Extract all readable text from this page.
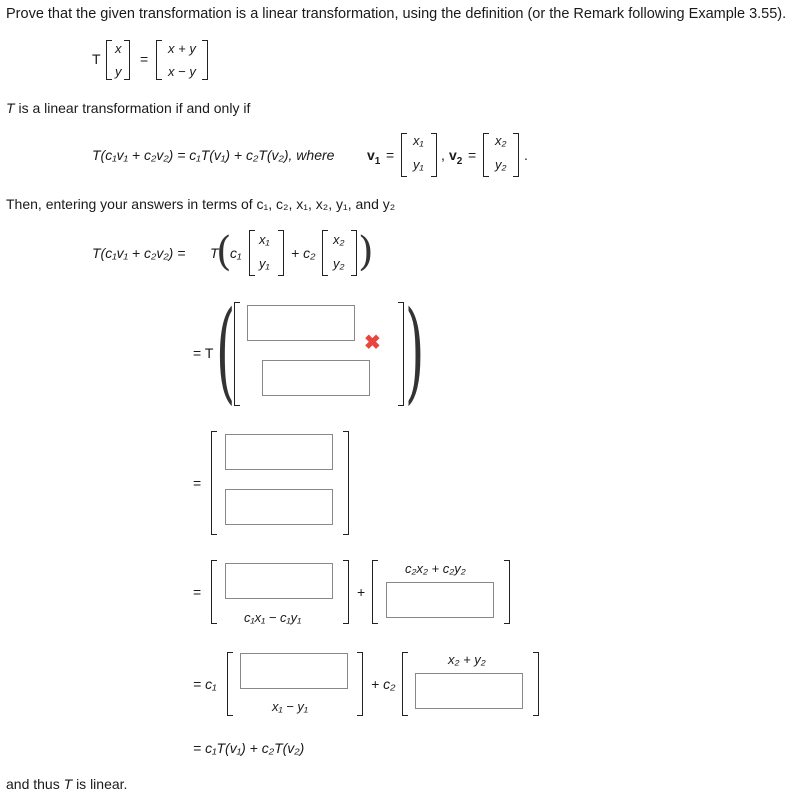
Prove that the given transformation is a linear transformation, using the definition (or the Remark following Example 3.55).
T
x
y
=
x + y
x − y
T is a linear transformation if and only if
T(c₁v₁ + c₂v₂) = c₁T(v₁) + c₂T(v₂), where $v_1$ =
x₁
y₁
, $v_2$ =
x₂
y₂
.
Then, entering your answers in terms of c₁, c₂, x₁, x₂, y₁, and y₂
T(c₁v₁ + c₂v₂) = T
(
c₁
x₁
y₁
+ c₂
x₂
y₂ )
= T (	✖ )
=
=
c₁x₁ − c₁y₁
+
c₂x₂ + c₂y₂
= c₁
x₁ − y₁
+ c₂
x₂ + y₂
= c₁T(v₁) + c₂T(v₂)
and thus T is linear.
